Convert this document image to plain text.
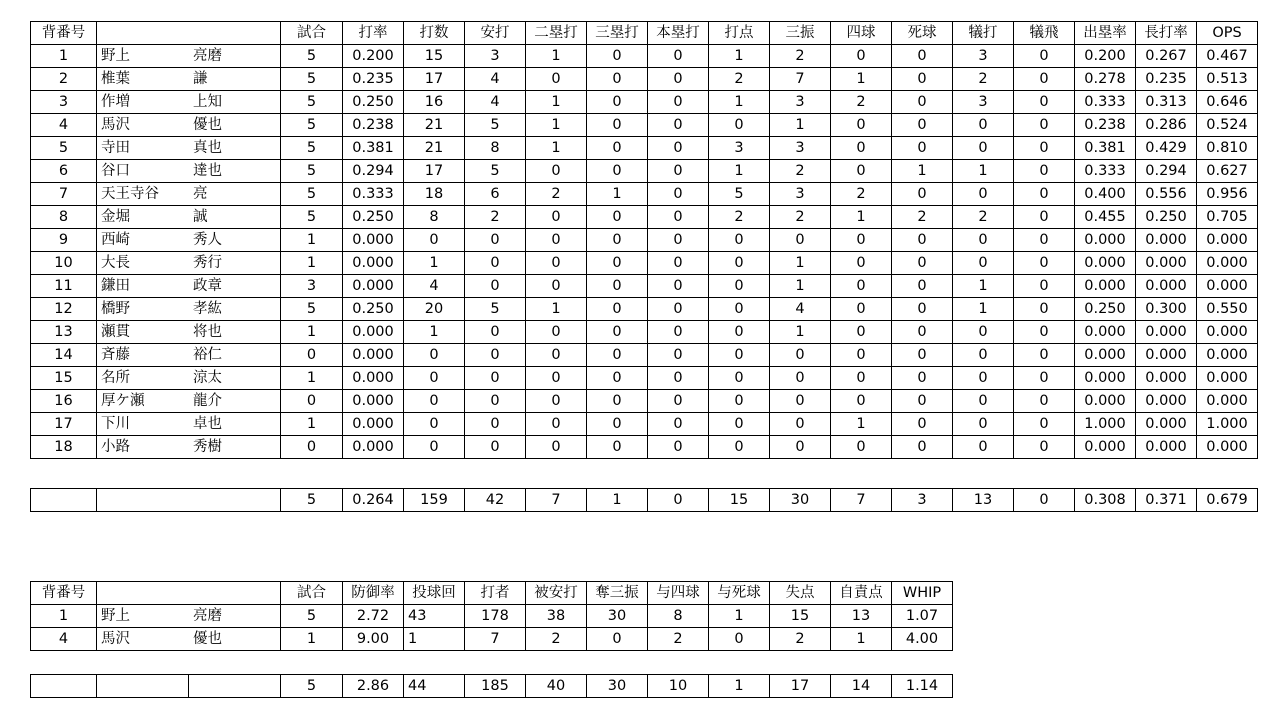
背番号		試合	打率	打数	安打	二塁打	三塁打	本塁打	打点	三振	四球	死球	犠打	犠飛	出塁率	長打率	OPS
1	野上 亮磨	5	0.200	15	3	1	0	0	1	2	0	0	3	0	0.200	0.267	0.467
2	椎葉 謙	5	0.235	17	4	0	0	0	2	7	1	0	2	0	0.278	0.235	0.513
3	作増 上知	5	0.250	16	4	1	0	0	1	3	2	0	3	0	0.333	0.313	0.646
4	馬沢 優也	5	0.238	21	5	1	0	0	0	1	0	0	0	0	0.238	0.286	0.524
5	寺田 真也	5	0.381	21	8	1	0	0	3	3	0	0	0	0	0.381	0.429	0.810
6	谷口 達也	5	0.294	17	5	0	0	0	1	2	0	1	1	0	0.333	0.294	0.627
7	天王寺谷 亮	5	0.333	18	6	2	1	0	5	3	2	0	0	0	0.400	0.556	0.956
8	金堀 誠	5	0.250	8	2	0	0	0	2	2	1	2	2	0	0.455	0.250	0.705
9	西崎 秀人	1	0.000	0	0	0	0	0	0	0	0	0	0	0	0.000	0.000	0.000
10	大長 秀行	1	0.000	1	0	0	0	0	0	1	0	0	0	0	0.000	0.000	0.000
11	鎌田 政章	3	0.000	4	0	0	0	0	0	1	0	0	1	0	0.000	0.000	0.000
12	橋野 孝紘	5	0.250	20	5	1	0	0	0	4	0	0	1	0	0.250	0.300	0.550
13	瀬貫 将也	1	0.000	1	0	0	0	0	0	1	0	0	0	0	0.000	0.000	0.000
14	斉藤 裕仁	0	0.000	0	0	0	0	0	0	0	0	0	0	0	0.000	0.000	0.000
15	名所 涼太	1	0.000	0	0	0	0	0	0	0	0	0	0	0	0.000	0.000	0.000
16	厚ケ瀬 龍介	0	0.000	0	0	0	0	0	0	0	0	0	0	0	0.000	0.000	0.000
17	下川 卓也	1	0.000	0	0	0	0	0	0	0	1	0	0	0	1.000	0.000	1.000
18	小路 秀樹	0	0.000	0	0	0	0	0	0	0	0	0	0	0	0.000	0.000	0.000
		5	0.264	159	42	7	1	0	15	30	7	3	13	0	0.308	0.371	0.679
背番号		試合	防御率	投球回	打者	被安打	奪三振	与四球	与死球	失点	自責点	WHIP
1	野上 亮磨	5	2.72	43	178	38	30	8	1	15	13	1.07
4	馬沢 優也	1	9.00	1	7	2	0	2	0	2	1	4.00
			5	2.86	44	185	40	30	10	1	17	14	1.14
